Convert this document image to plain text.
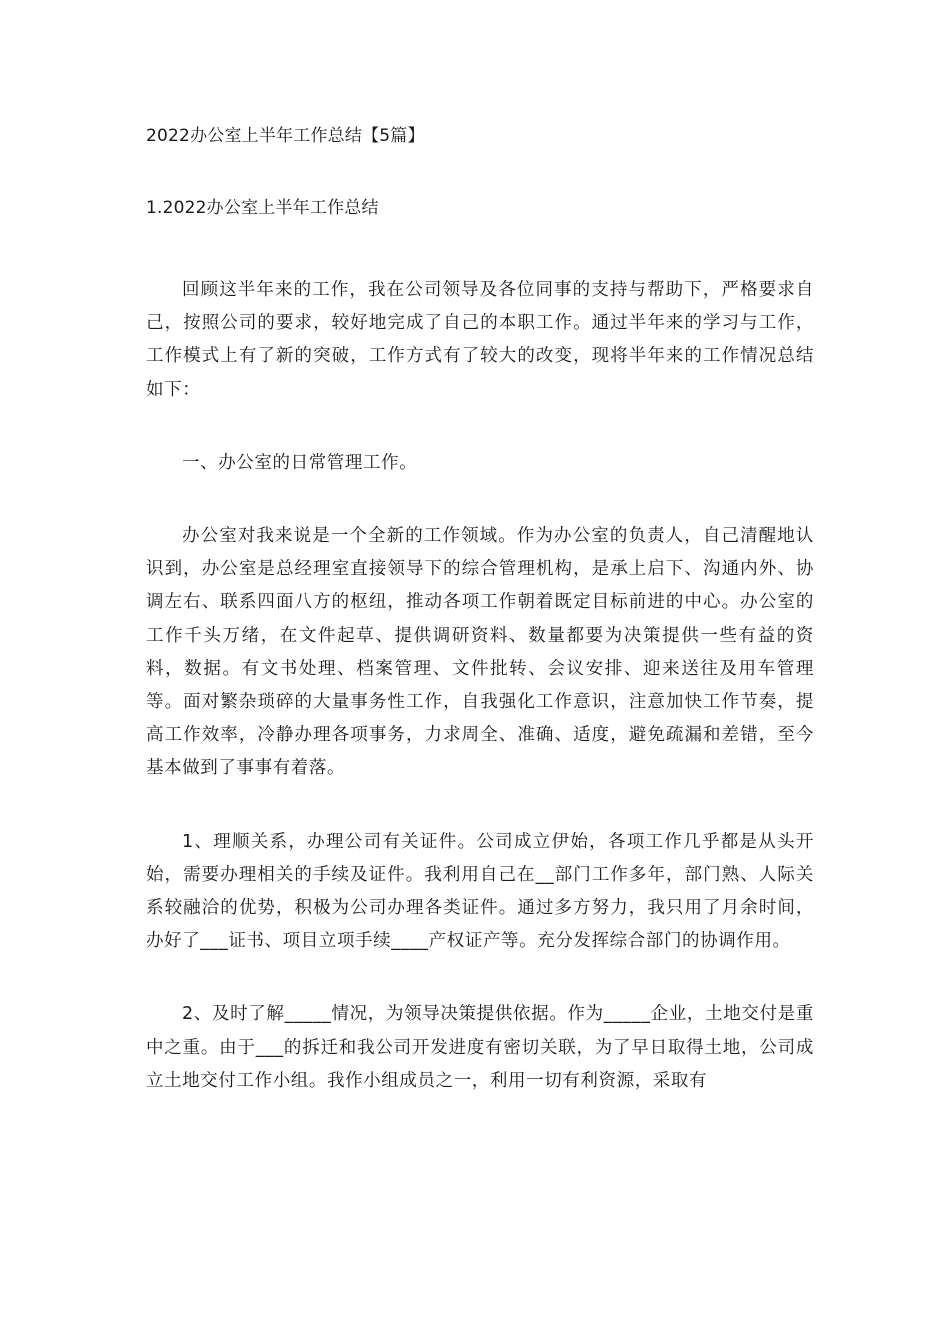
2022办公室上半年工作总结【5篇】
1.2022办公室上半年工作总结

回顾这半年来的工作，我在公司领导及各位同事的支持与帮助下，严格要求自己，按照公司的要求，较好地完成了自己的本职工作。通过半年来的学习与工作，工作模式上有了新的突破，工作方式有了较大的改变，现将半年来的工作情况总结如下：

一、办公室的日常管理工作。

办公室对我来说是一个全新的工作领域。作为办公室的负责人，自己清醒地认识到，办公室是总经理室直接领导下的综合管理机构，是承上启下、沟通内外、协调左右、联系四面八方的枢纽，推动各项工作朝着既定目标前进的中心。办公室的工作千头万绪，在文件起草、提供调研资料、数量都要为决策提供一些有益的资料，数据。有文书处理、档案管理、文件批转、会议安排、迎来送往及用车管理等。面对繁杂琐碎的大量事务性工作，自我强化工作意识，注意加快工作节奏，提高工作效率，冷静办理各项事务，力求周全、准确、适度，避免疏漏和差错，至今基本做到了事事有着落。

1、理顺关系，办理公司有关证件。公司成立伊始，各项工作几乎都是从头开始，需要办理相关的手续及证件。我利用自己在__部门工作多年，部门熟、人际关系较融洽的优势，积极为公司办理各类证件。通过多方努力，我只用了月余时间，办好了___证书、项目立项手续____产权证产等。充分发挥综合部门的协调作用。

2、及时了解_____情况，为领导决策提供依据。作为_____企业，土地交付是重中之重。由于___的拆迁和我公司开发进度有密切关联，为了早日取得土地，公司成立土地交付工作小组。我作小组成员之一，利用一切有利资源，采取有
